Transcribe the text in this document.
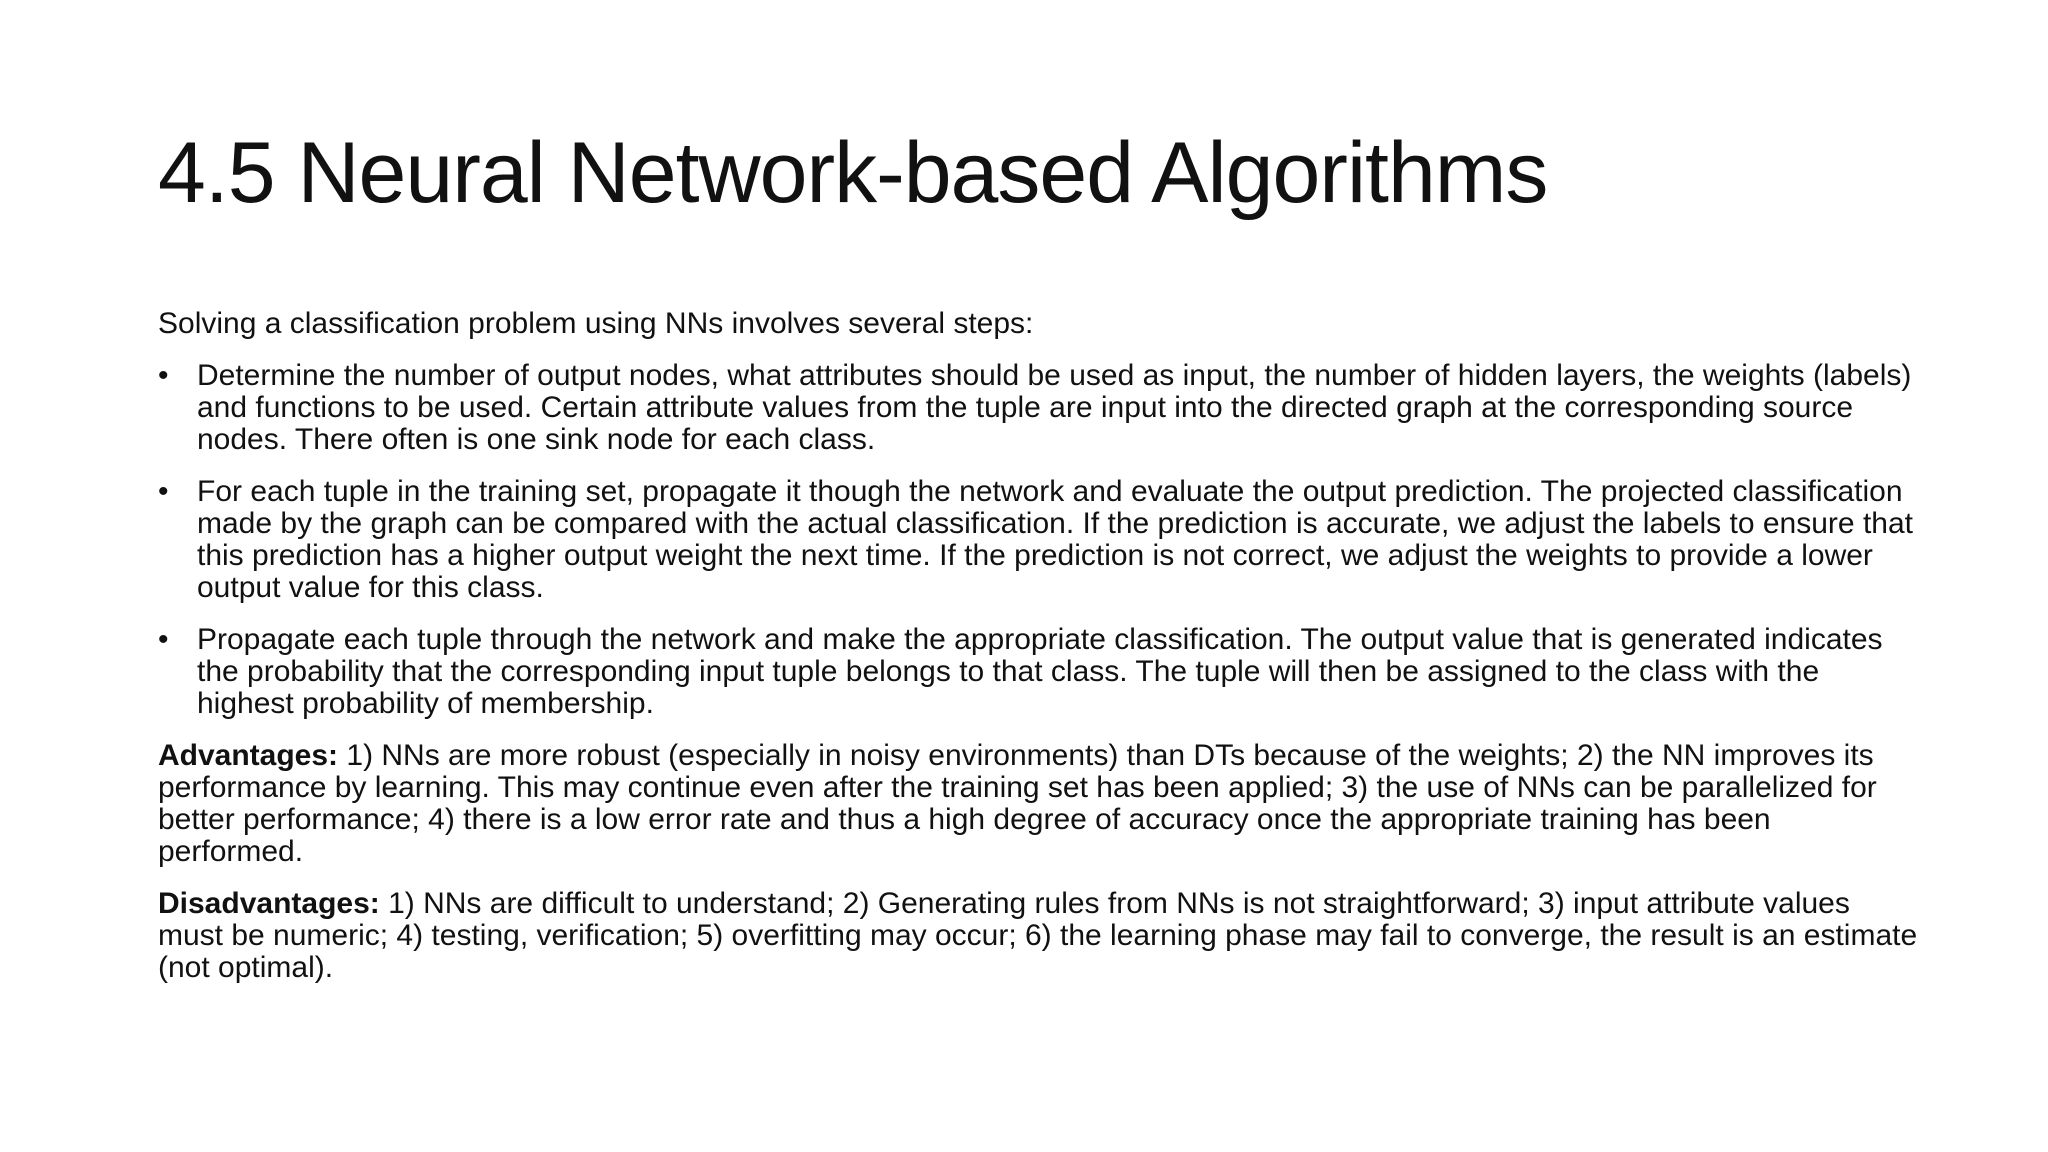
4.5 Neural Network-based Algorithms

Solving a classification problem using NNs involves several steps:

• Determine the number of output nodes, what attributes should be used as input, the number of hidden layers, the weights (labels) and functions to be used. Certain attribute values from the tuple are input into the directed graph at the corresponding source nodes. There often is one sink node for each class.
• For each tuple in the training set, propagate it though the network and evaluate the output prediction. The projected classification made by the graph can be compared with the actual classification. If the prediction is accurate, we adjust the labels to ensure that this prediction has a higher output weight the next time. If the prediction is not correct, we adjust the weights to provide a lower output value for this class.
• Propagate each tuple through the network and make the appropriate classification. The output value that is generated indicates the probability that the corresponding input tuple belongs to that class. The tuple will then be assigned to the class with the highest probability of membership.

Advantages: 1) NNs are more robust (especially in noisy environments) than DTs because of the weights; 2) the NN improves its performance by learning. This may continue even after the training set has been applied; 3) the use of NNs can be parallelized for better performance; 4) there is a low error rate and thus a high degree of accuracy once the appropriate training has been performed.

Disadvantages: 1) NNs are difficult to understand; 2) Generating rules from NNs is not straightforward; 3) input attribute values must be numeric; 4) testing, verification; 5) overfitting may occur; 6) the learning phase may fail to converge, the result is an estimate (not optimal).
